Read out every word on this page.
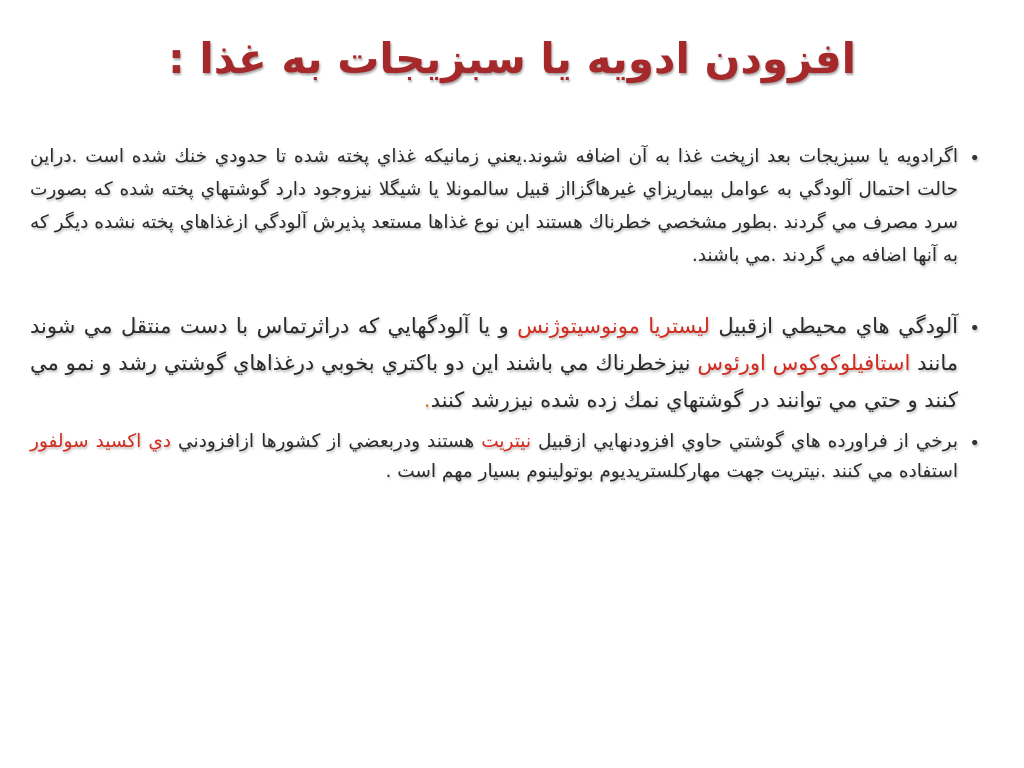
افزودن ادویه یا سبزیجات به غذا :
•
اگرادویه یا سبزیجات بعد ازپخت غذا به آن اضافه شوند.یعني زمانیکه غذاي پخته شده تا حدودي خنك شده است .دراین حالت احتمال آلودگي به عوامل بیماریزاي غیرهاگزااز قبیل سالمونلا یا شیگلا نیزوجود دارد گوشتهاي پخته شده که بصورت سرد مصرف مي گردند .بطور مشخصي خطرناك هستند این نوع غذاها مستعد پذیرش آلودگي ازغذاهاي پخته نشده دیگر که به آنها اضافه مي گردند .مي باشند.
•
آلودگي هاي محیطي ازقبیل لیستریا مونوسیتوژنس و یا آلودگهایي که دراثرتماس با دست منتقل مي شوند مانند استافیلوکوکوس اورئوس نیزخطرناك مي باشند این دو باکتري بخوبي درغذاهاي گوشتي رشد و نمو مي کنند و حتي مي توانند در گوشتهاي نمك زده شده نیزرشد کنند.
•
برخي از فراورده هاي گوشتي حاوي افزودنهایي ازقبیل نیتریت هستند ودربعضي از کشورها ازافزودني دي اکسید سولفور استفاده مي کنند .نیتریت جهت مهارکلستریدیوم بوتولینوم بسیار مهم است .
